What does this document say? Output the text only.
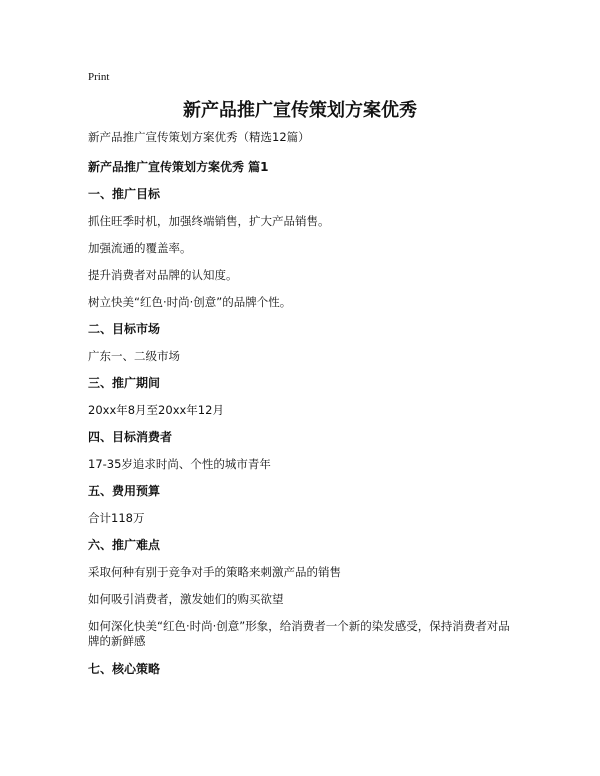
Print
新产品推广宣传策划方案优秀
新产品推广宣传策划方案优秀（精选12篇）
新产品推广宣传策划方案优秀 篇1
一、推广目标
抓住旺季时机，加强终端销售，扩大产品销售。
加强流通的覆盖率。
提升消费者对品牌的认知度。
树立快美“红色·时尚·创意”的品牌个性。
二、目标市场
广东一、二级市场
三、推广期间
20xx年8月至20xx年12月
四、目标消费者
17-35岁追求时尚、个性的城市青年
五、费用预算
合计118万
六、推广难点
采取何种有别于竞争对手的策略来刺激产品的销售
如何吸引消费者，激发她们的购买欲望
如何深化快美“红色·时尚·创意”形象，给消费者一个新的染发感受，保持消费者对品牌的新鲜感
七、核心策略
